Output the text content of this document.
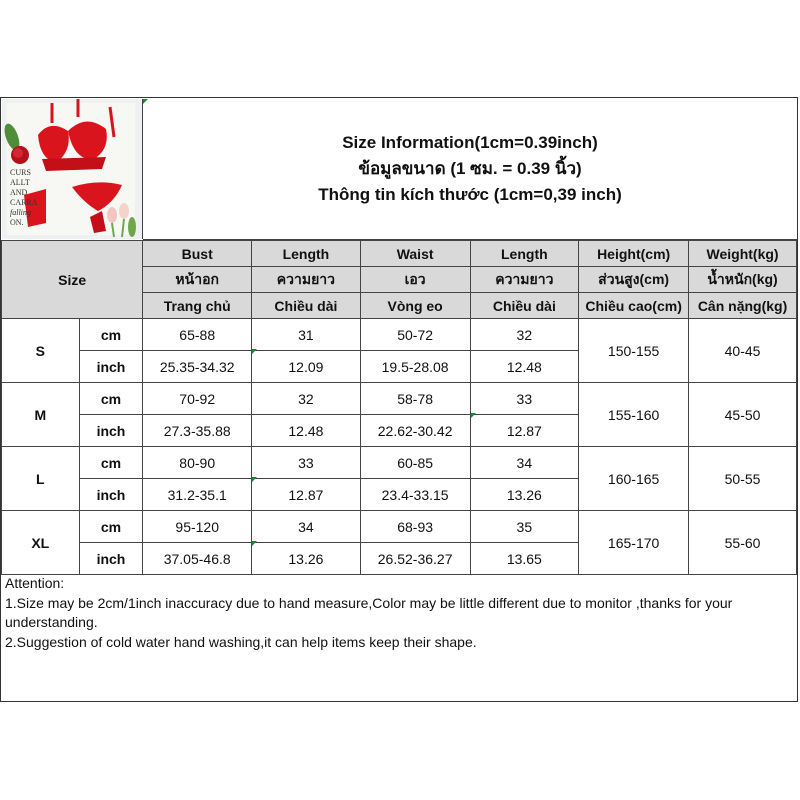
CURS
ALLT
AND
CARRA
falling
ON.
Size Information(1cm=0.39inch)
ข้อมูลขนาด (1 ซม. = 0.39 นิ้ว)
Thông tin kích thước (1cm=0,39 inch)
Size		Bust	Length	Waist	Length	Height(cm)	Weight(kg)
		หน้าอก	ความยาว	เอว	ความยาว	ส่วนสูง(cm)	น้ำหนัก(kg)
		Trang chủ	Chiều dài	Vòng eo	Chiều dài	Chiều cao(cm)	Cân nặng(kg)
S	cm	65-88	31	50-72	32	150-155	40-45
	inch	25.35-34.32	12.09	19.5-28.08	12.48		
M	cm	70-92	32	58-78	33	155-160	45-50
	inch	27.3-35.88	12.48	22.62-30.42	12.87		
L	cm	80-90	33	60-85	34	160-165	50-55
	inch	31.2-35.1	12.87	23.4-33.15	13.26		
XL	cm	95-120	34	68-93	35	165-170	55-60
	inch	37.05-46.8	13.26	26.52-36.27	13.65		
Attention:
1.Size may be 2cm/1inch inaccuracy due to hand measure,Color may be little different due to monitor ,thanks for your understanding.
2.Suggestion of cold water hand washing,it can help items keep their shape.
